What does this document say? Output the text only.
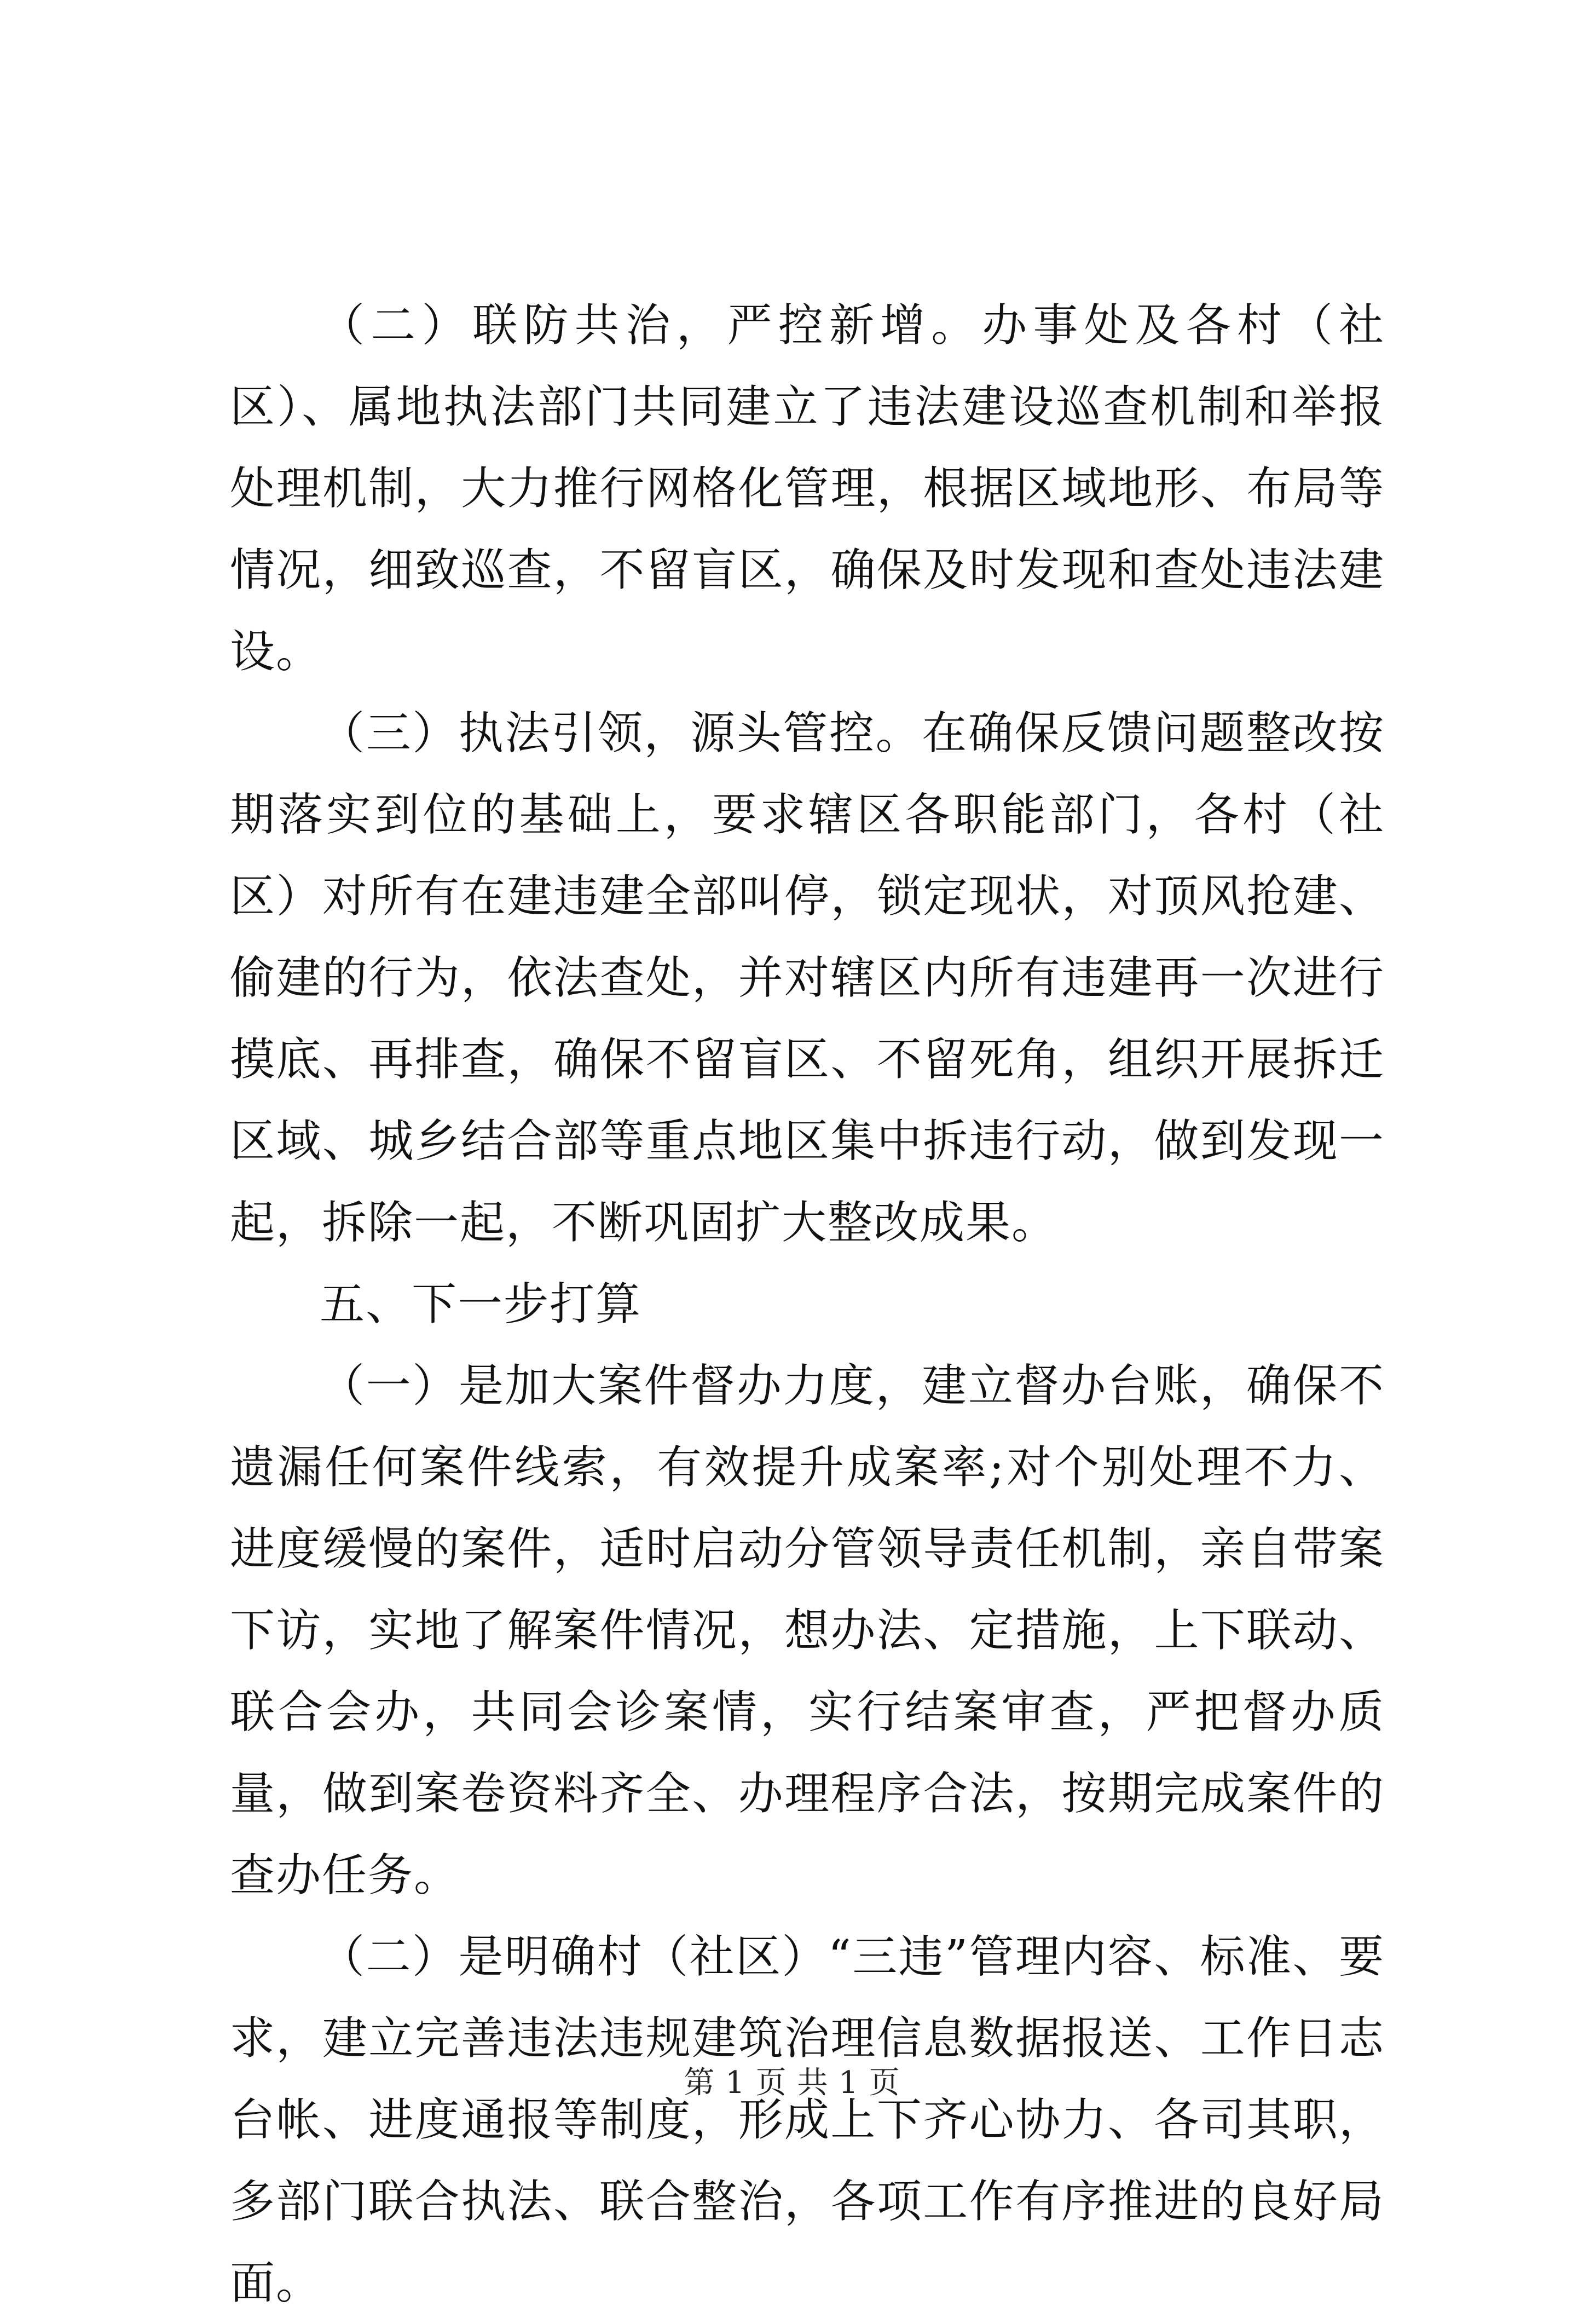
（二）联防共治，严控新增。办事处及各村（社区）、属地执法部门共同建立了违法建设巡查机制和举报处理机制，大力推行网格化管理，根据区域地形、布局等情况，细致巡查，不留盲区，确保及时发现和查处违法建设。

（三）执法引领，源头管控。在确保反馈问题整改按期落实到位的基础上，要求辖区各职能部门，各村（社区）对所有在建违建全部叫停，锁定现状，对顶风抢建、偷建的行为，依法查处，并对辖区内所有违建再一次进行摸底、再排查，确保不留盲区、不留死角，组织开展拆迁区域、城乡结合部等重点地区集中拆违行动，做到发现一起，拆除一起，不断巩固扩大整改成果。

五、下一步打算

（一）是加大案件督办力度，建立督办台账，确保不遗漏任何案件线索，有效提升成案率;对个别处理不力、进度缓慢的案件，适时启动分管领导责任机制，亲自带案下访，实地了解案件情况，想办法、定措施，上下联动、联合会办，共同会诊案情，实行结案审查，严把督办质量，做到案卷资料齐全、办理程序合法，按期完成案件的查办任务。

（二）是明确村（社区）“三违”管理内容、标准、要求，建立完善违法违规建筑治理信息数据报送、工作日志台帐、进度通报等制度，形成上下齐心协力、各司其职，多部门联合执法、联合整治，各项工作有序推进的良好局面。

第 1 页 共 1 页
